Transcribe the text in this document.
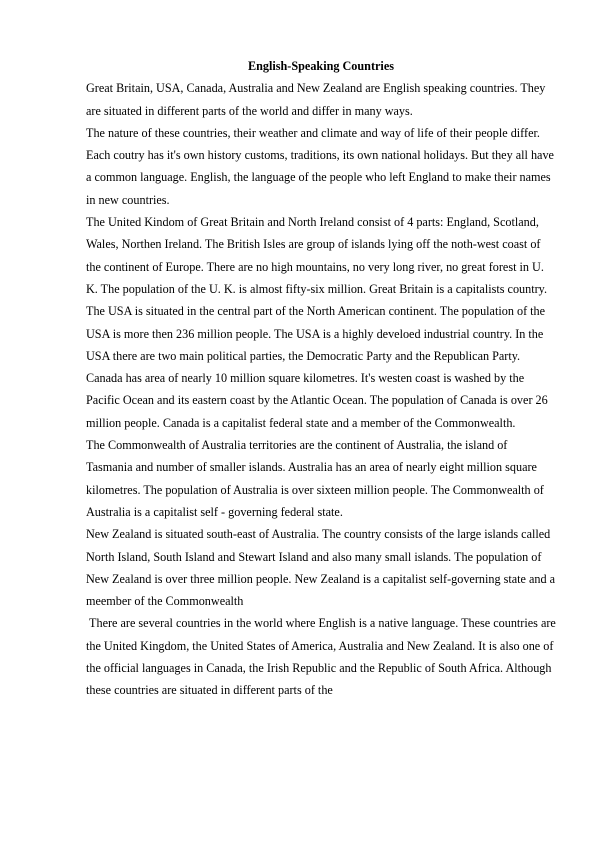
English-Speaking Countries

Great Britain, USA, Canada, Australia and New Zealand are English speaking countries. They are situated in different parts of the world and differ in many ways.

The nature of these countries, their weather and climate and way of life of their people differ. Each coutry has it's own history customs, traditions, its own national holidays. But they all have a common language. English, the language of the people who left England to make their names in new countries.

The United Kindom of Great Britain and North Ireland consist of 4 parts: England, Scotland, Wales, Northen Ireland. The British Isles are group of islands lying off the noth-west coast of the continent of Europe. There are no high mountains, no very long river, no great forest in U. K. The population of the U. K. is almost fifty-six million. Great Britain is a capitalists country.

The USA is situated in the central part of the North American continent. The population of the USA is more then 236 million people. The USA is a highly develoed industrial country. In the USA there are two main political parties, the Democratic Party and the Republican Party.

Canada has area of nearly 10 million square kilometres. It's westen coast is washed by the Pacific Ocean and its eastern coast by the Atlantic Ocean. The population of Canada is over 26 million people. Canada is a capitalist federal state and a member of the Commonwealth.

The Commonwealth of Australia territories are the continent of Australia, the island of Tasmania and number of smaller islands. Australia has an area of nearly eight million square kilometres. The population of Australia is over sixteen million people. The Commonwealth of Australia is a capitalist self - governing federal state.

New Zealand is situated south-east of Australia. The country consists of the large islands called North Island, South Island and Stewart Island and also many small islands. The population of New Zealand is over three million people. New Zealand is a capitalist self-governing state and a meember of the Commonwealth

There are several countries in the world where English is a native language. These countries are the United Kingdom, the United States of America, Australia and New Zealand. It is also one of the official languages in Canada, the Irish Republic and the Republic of South Africa. Although these countries are situated in different parts of the
